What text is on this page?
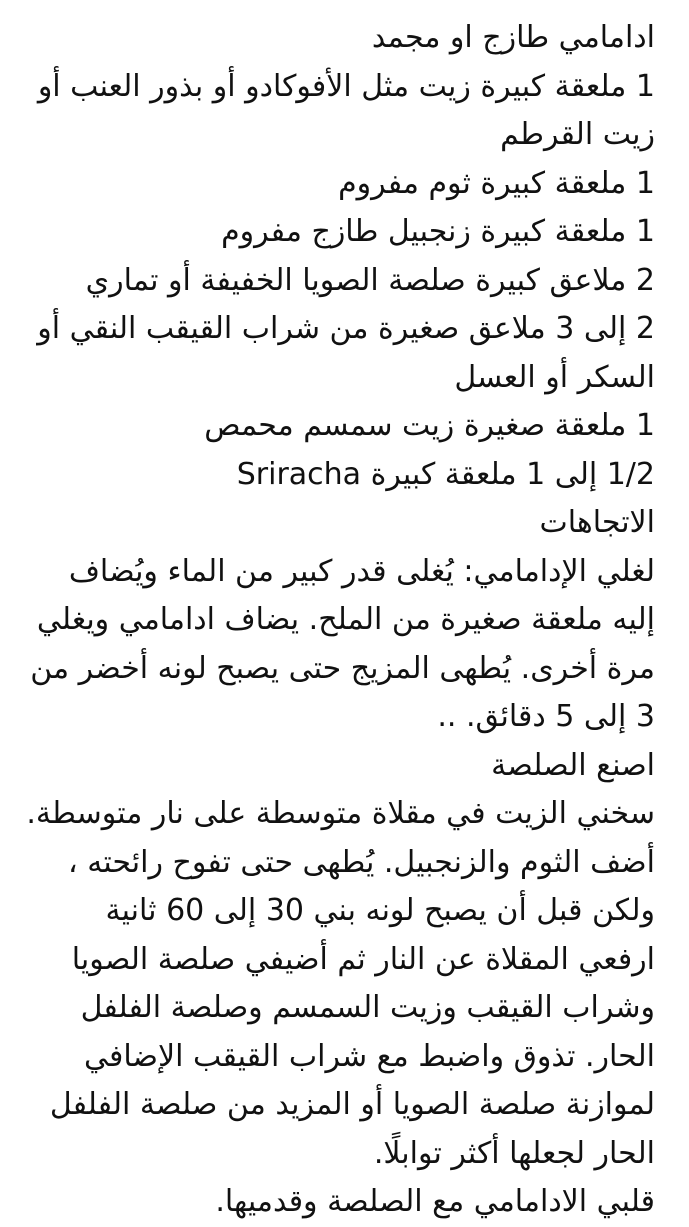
ادامامي طازج او مجمد
1 ملعقة كبيرة زيت مثل الأفوكادو أو بذور العنب أو
زيت القرطم
1 ملعقة كبيرة ثوم مفروم
1 ملعقة كبيرة زنجبيل طازج مفروم
2 ملاعق كبيرة صلصة الصويا الخفيفة أو تماري
2 إلى 3 ملاعق صغيرة من شراب القيقب النقي أو
السكر أو العسل
1 ملعقة صغيرة زيت سمسم محمص
1/2 إلى 1 ملعقة كبيرة Sriracha
الاتجاهات
لغلي الإدامامي: يُغلى قدر كبير من الماء ويُضاف
إليه ملعقة صغيرة من الملح. يضاف ادامامي ويغلي
مرة أخرى. يُطهى المزيج حتى يصبح لونه أخضر من
3 إلى 5 دقائق. ..
اصنع الصلصة
سخني الزيت في مقلاة متوسطة على نار متوسطة.
أضف الثوم والزنجبيل. يُطهى حتى تفوح رائحته ،
ولكن قبل أن يصبح لونه بني 30 إلى 60 ثانية
ارفعي المقلاة عن النار ثم أضيفي صلصة الصويا
وشراب القيقب وزيت السمسم وصلصة الفلفل
الحار. تذوق واضبط مع شراب القيقب الإضافي
لموازنة صلصة الصويا أو المزيد من صلصة الفلفل
الحار لجعلها أكثر توابلًا.
قلبي الادامامي مع الصلصة وقدميها.
